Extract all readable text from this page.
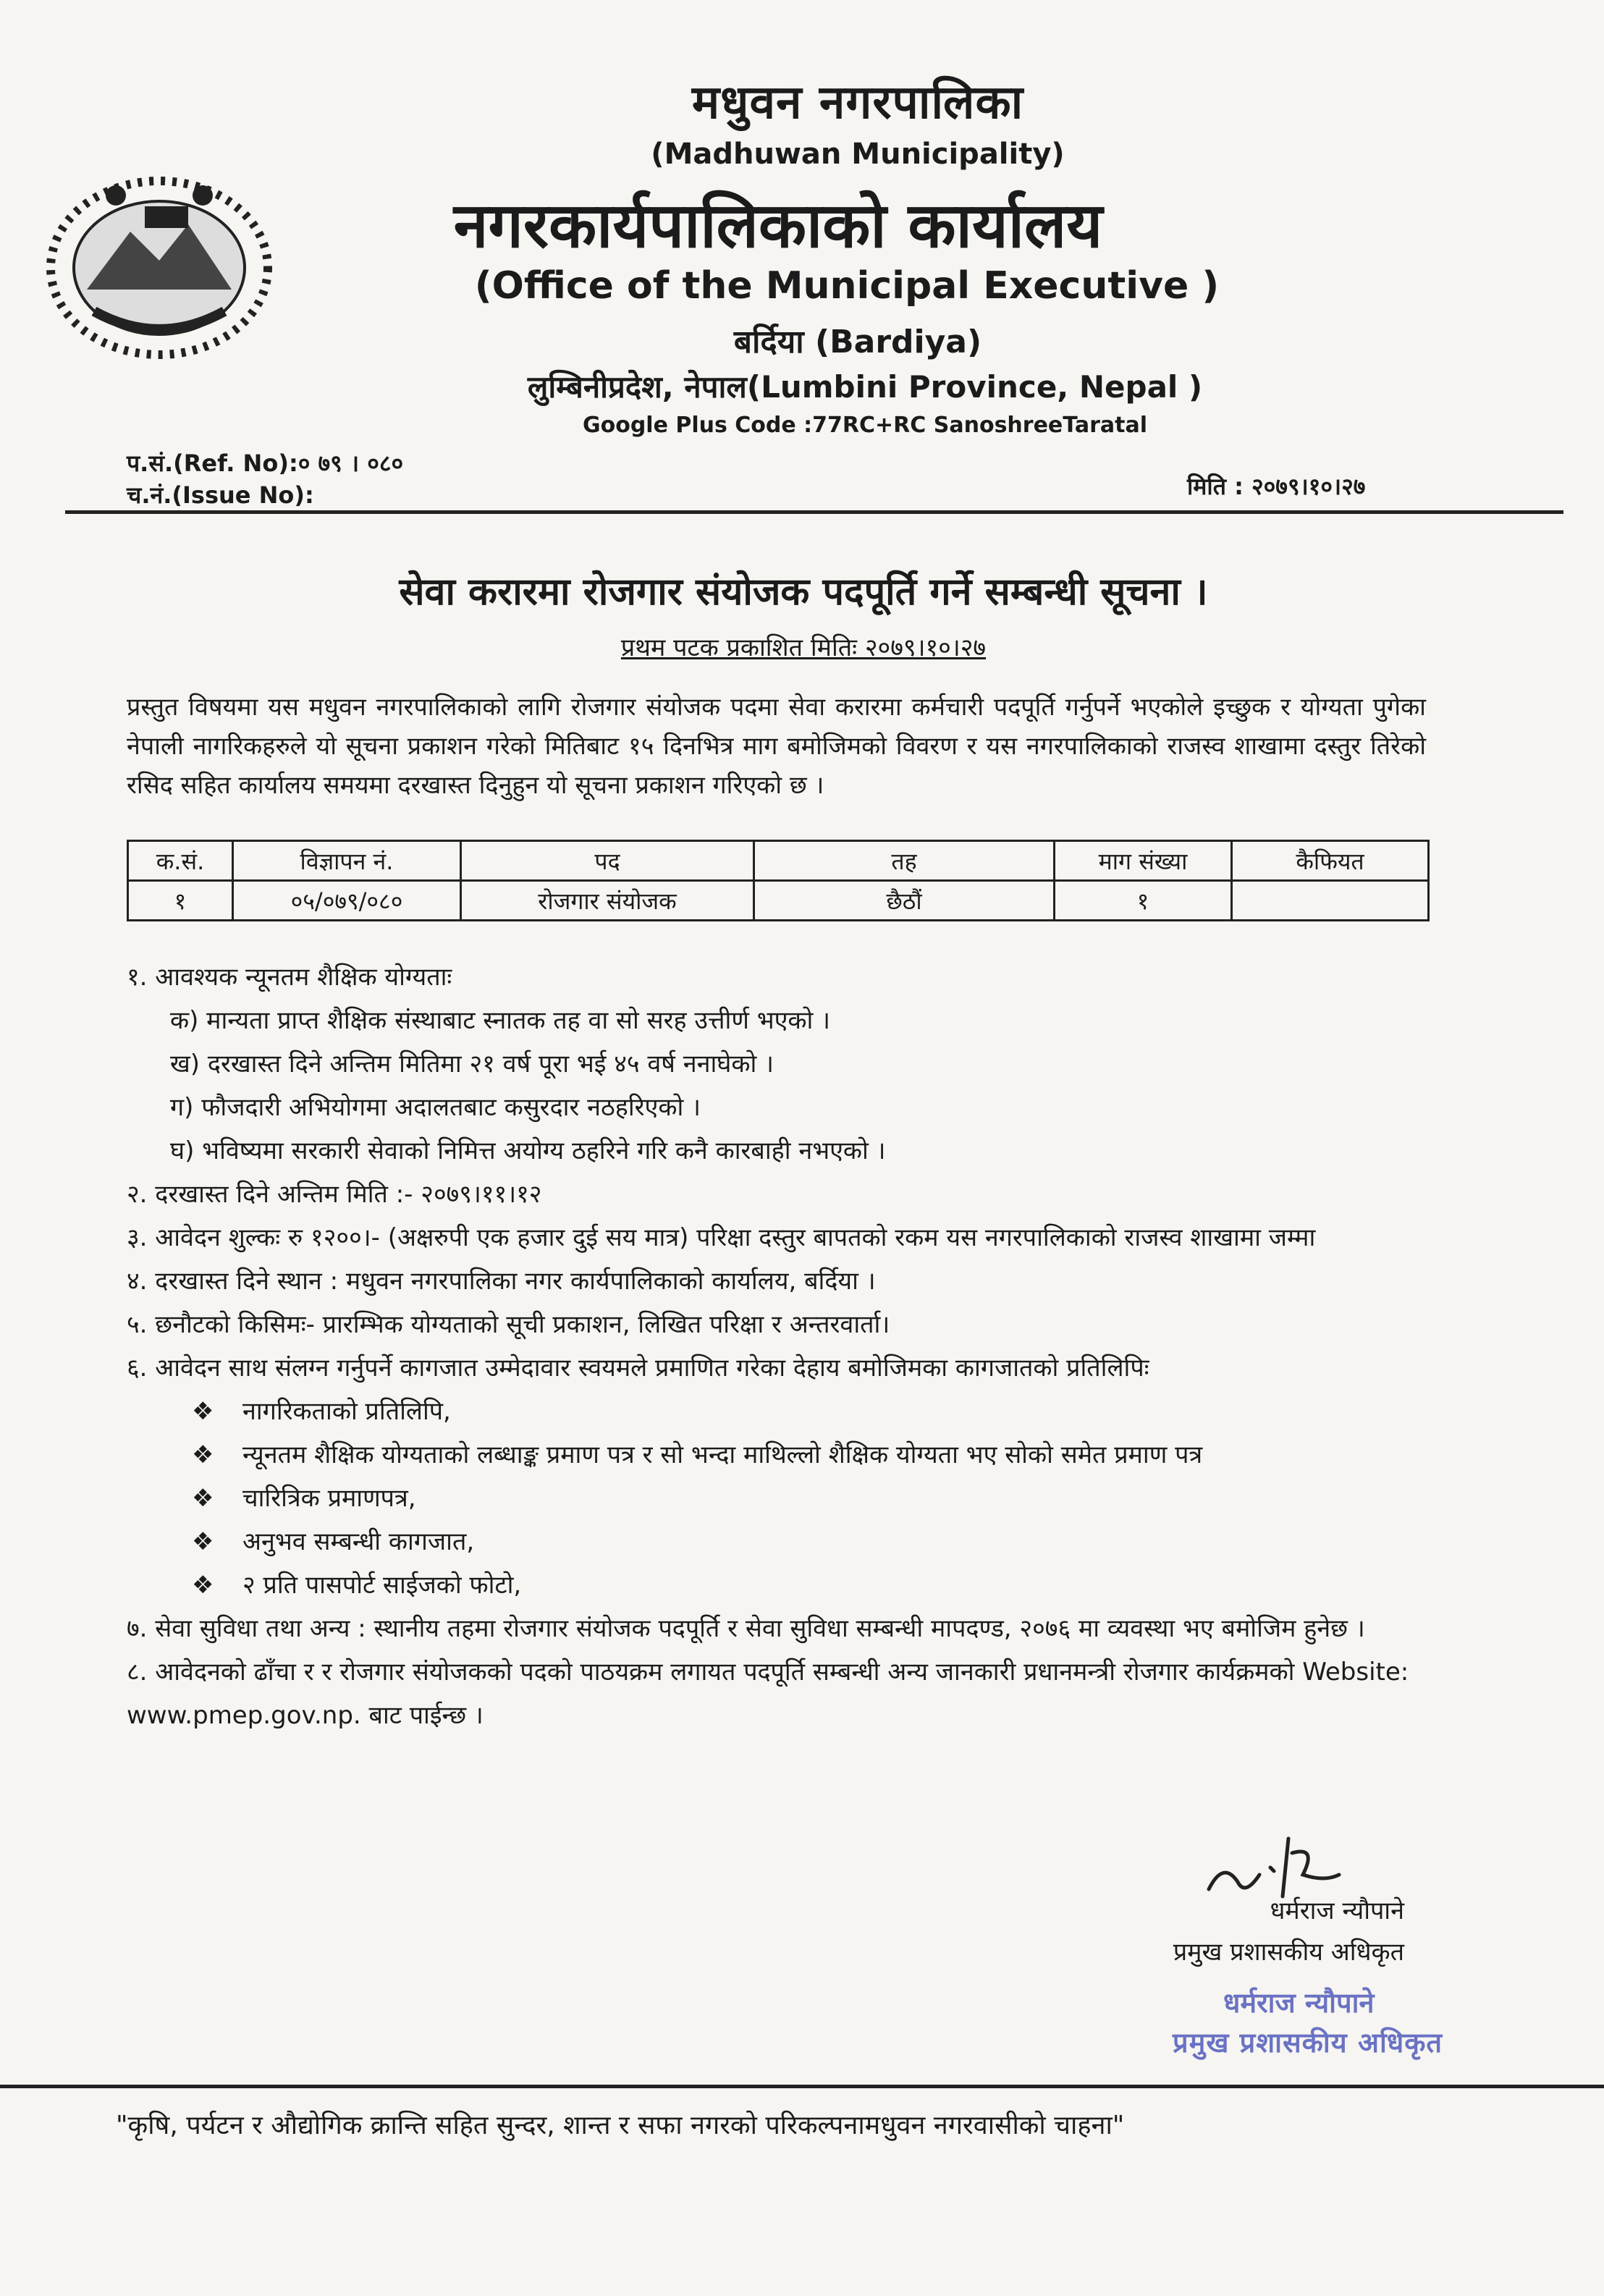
मधुवन नगरपालिका
(Madhuwan Municipality)
नगरकार्यपालिकाको कार्यालय
(Office of the Municipal Executive )
बर्दिया (Bardiya)
लुम्बिनीप्रदेश, नेपाल(Lumbini Province, Nepal )
Google Plus Code :77RC+RC SanoshreeTaratal
प.सं.(Ref. No):० ७९ । ०८०
च.नं.(Issue No):	मिति : २०७९।१०।२७
सेवा करारमा रोजगार संयोजक पदपूर्ति गर्ने सम्बन्धी सूचना ।
प्रथम पटक प्रकाशित मितिः २०७९।१०।२७
प्रस्तुत विषयमा यस मधुवन नगरपालिकाको लागि रोजगार संयोजक पदमा सेवा करारमा कर्मचारी पदपूर्ति गर्नुपर्ने भएकोले इच्छुक र योग्यता पुगेका नेपाली नागरिकहरुले यो सूचना प्रकाशन गरेको मितिबाट १५ दिनभित्र माग बमोजिमको विवरण र यस नगरपालिकाको राजस्व शाखामा दस्तुर तिरेको रसिद सहित कार्यालय समयमा दरखास्त दिनुहुन यो सूचना प्रकाशन गरिएको छ ।
क.सं.	विज्ञापन नं.	पद	तह	माग संख्या	कैफियत
१	०५/०७९/०८०	रोजगार संयोजक	छैठौं	१	
१. आवश्यक न्यूनतम शैक्षिक योग्यताः
क) मान्यता प्राप्त शैक्षिक संस्थाबाट स्नातक तह वा सो सरह उत्तीर्ण भएको ।
ख) दरखास्त दिने अन्तिम मितिमा २१ वर्ष पूरा भई ४५ वर्ष ननाघेको ।
ग) फौजदारी अभियोगमा अदालतबाट कसुरदार नठहरिएको ।
घ) भविष्यमा सरकारी सेवाको निमित्त अयोग्य ठहरिने गरि कनै कारबाही नभएको ।
२. दरखास्त दिने अन्तिम मिति :- २०७९।११।१२
३. आवेदन शुल्कः रु १२००।- (अक्षरुपी एक हजार दुई सय मात्र) परिक्षा दस्तुर बापतको रकम यस नगरपालिकाको राजस्व शाखामा जम्मा
४. दरखास्त दिने स्थान : मधुवन नगरपालिका नगर कार्यपालिकाको कार्यालय, बर्दिया ।
५. छनौटको किसिमः- प्रारम्भिक योग्यताको सूची प्रकाशन, लिखित परिक्षा र अन्तरवार्ता।
६. आवेदन साथ संलग्न गर्नुपर्ने कागजात उम्मेदावार स्वयमले प्रमाणित गरेका देहाय बमोजिमका कागजातको प्रतिलिपिः
❖ नागरिकताको प्रतिलिपि,
❖ न्यूनतम शैक्षिक योग्यताको लब्धाङ्क प्रमाण पत्र र सो भन्दा माथिल्लो शैक्षिक योग्यता भए सोको समेत प्रमाण पत्र
❖ चारित्रिक प्रमाणपत्र,
❖ अनुभव सम्बन्धी कागजात,
❖ २ प्रति पासपोर्ट साईजको फोटो,
७. सेवा सुविधा तथा अन्य : स्थानीय तहमा रोजगार संयोजक पदपूर्ति र सेवा सुविधा सम्बन्धी मापदण्ड, २०७६ मा व्यवस्था भए बमोजिम हुनेछ ।
८. आवेदनको ढाँचा र र रोजगार संयोजकको पदको पाठयक्रम लगायत पदपूर्ति सम्बन्धी अन्य जानकारी प्रधानमन्त्री रोजगार कार्यक्रमको Website: www.pmep.gov.np. बाट पाईन्छ ।
धर्मराज न्यौपाने
प्रमुख प्रशासकीय अधिकृत
धर्मराज न्यौपाने
प्रमुख प्रशासकीय अधिकृत
"कृषि, पर्यटन र औद्योगिक क्रान्ति सहित सुन्दर, शान्त र सफा नगरको परिकल्पनामधुवन नगरवासीको चाहना"
